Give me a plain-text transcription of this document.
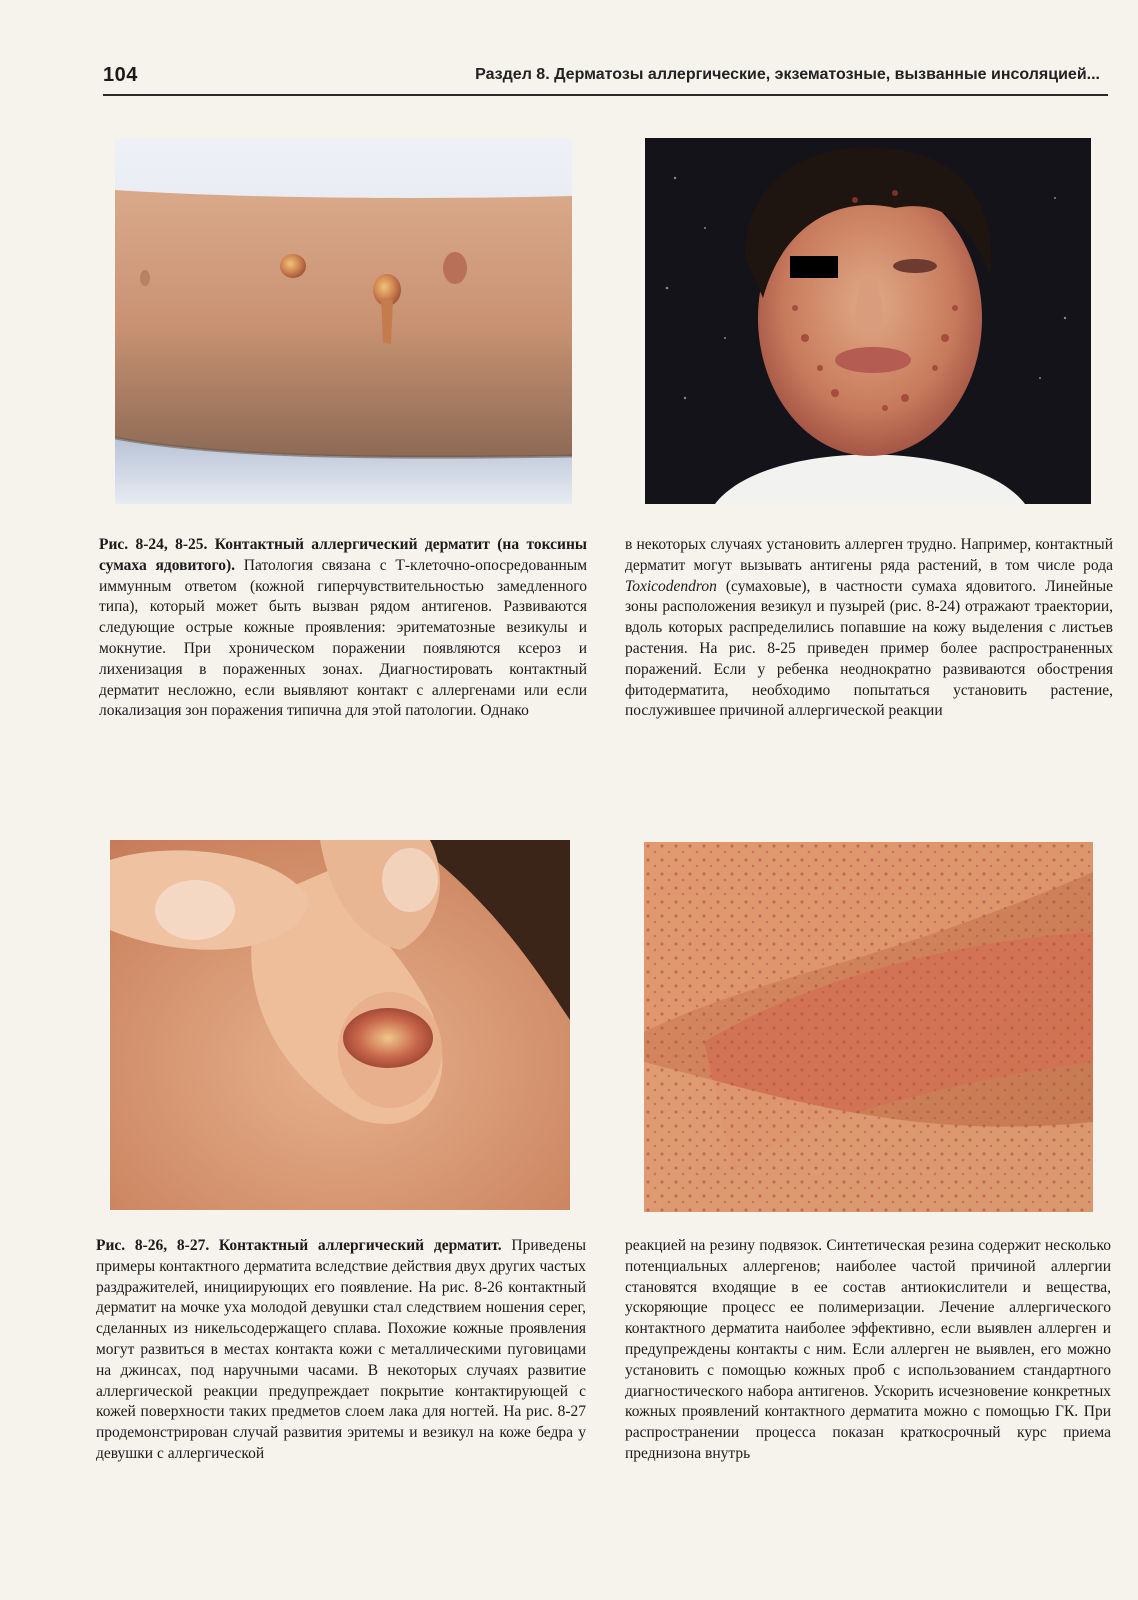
104	Раздел 8. Дерматозы аллергические, экзематозные, вызванные инсоляцией...
Рис. 8-24, 8-25. Контактный аллергический дерматит (на токсины сумаха ядовитого). Патология связана с Т-клеточно-опосредованным иммунным ответом (кожной гиперчувствительностью замедленного типа), который может быть вызван рядом антигенов. Развиваются следующие острые кожные проявления: эритематозные везикулы и мокнутие. При хроническом поражении появляются ксероз и лихенизация в пораженных зонах. Диагностировать контактный дерматит несложно, если выявляют контакт с аллергенами или если локализация зон поражения типична для этой патологии. Однако
в некоторых случаях установить аллерген трудно. Например, контактный дерматит могут вызывать антигены ряда растений, в том числе рода Toxicodendron (сумаховые), в частности сумаха ядовитого. Линейные зоны расположения везикул и пузырей (рис. 8-24) отражают траектории, вдоль которых распределились попавшие на кожу выделения с листьев растения. На рис. 8-25 приведен пример более распространенных поражений. Если у ребенка неоднократно развиваются обострения фитодерматита, необходимо попытаться установить растение, послужившее причиной аллергической реакции
Рис. 8-26, 8-27. Контактный аллергический дерматит. Приведены примеры контактного дерматита вследствие действия двух других частых раздражителей, инициирующих его появление. На рис. 8-26 контактный дерматит на мочке уха молодой девушки стал следствием ношения серег, сделанных из никельсодержащего сплава. Похожие кожные проявления могут развиться в местах контакта кожи с металлическими пуговицами на джинсах, под наручными часами. В некоторых случаях развитие аллергической реакции предупреждает покрытие контактирующей с кожей поверхности таких предметов слоем лака для ногтей. На рис. 8-27 продемонстрирован случай развития эритемы и везикул на коже бедра у девушки с аллергической
реакцией на резину подвязок. Синтетическая резина содержит несколько потенциальных аллергенов; наиболее частой причиной аллергии становятся входящие в ее состав антиокислители и вещества, ускоряющие процесс ее полимеризации. Лечение аллергического контактного дерматита наиболее эффективно, если выявлен аллерген и предупреждены контакты с ним. Если аллерген не выявлен, его можно установить с помощью кожных проб с использованием стандартного диагностического набора антигенов. Ускорить исчезновение конкретных кожных проявлений контактного дерматита можно с помощью ГК. При распространении процесса показан краткосрочный курс приема преднизона внутрь
